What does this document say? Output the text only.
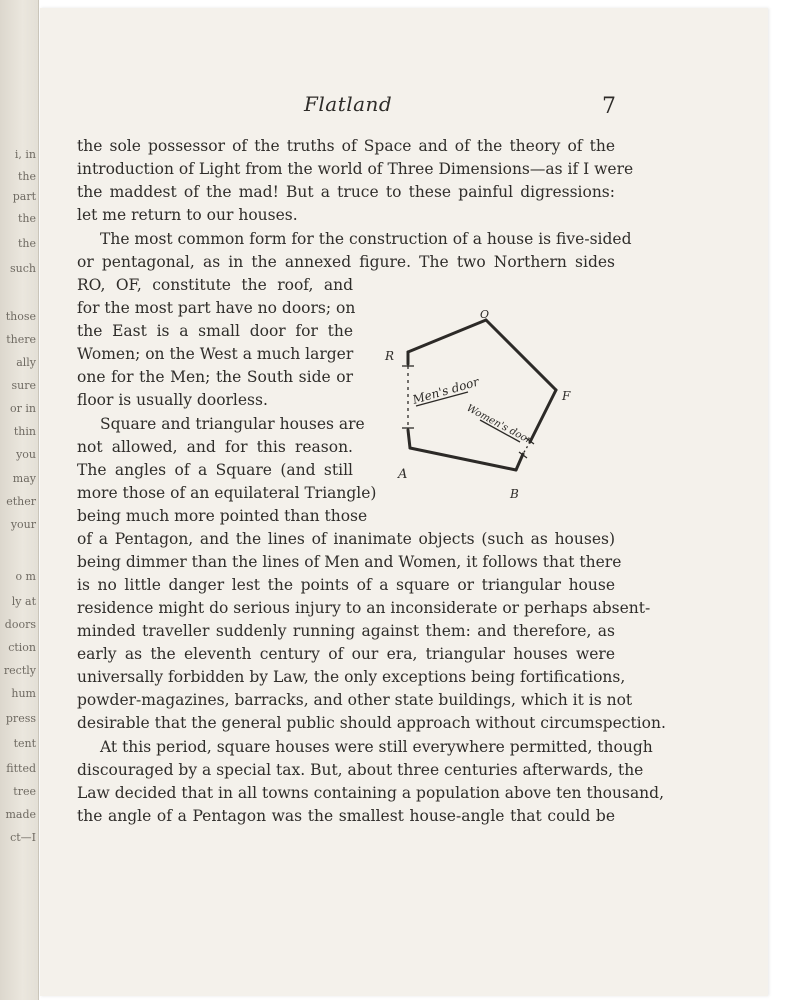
i, in
the
part
the
the
such
those
there
ally
sure
or in
thin
you
may
ether
your
o m
ly at
doors
ction
rectly
hum
press
tent
fitted
tree
made
ct—I
Flatland	7
the sole possessor of the truths of Space and of the theory of the
introduction of Light from the world of Three Dimensions—as if I were
the maddest of the mad! But a truce to these painful digressions:
let me return to our houses.
The most common form for the construction of a house is five-sided
or pentagonal, as in the annexed figure. The two Northern sides
RO, OF, constitute the roof, and
for the most part have no doors; on
the East is a small door for the
Women; on the West a much larger
one for the Men; the South side or
floor is usually doorless.
Square and triangular houses are
not allowed, and for this reason.
The angles of a Square (and still
more those of an equilateral Triangle)
being much more pointed than those
of a Pentagon, and the lines of inanimate objects (such as houses)
being dimmer than the lines of Men and Women, it follows that there
is no little danger lest the points of a square or triangular house
residence might do serious injury to an inconsiderate or perhaps absent-
minded traveller suddenly running against them: and therefore, as
early as the eleventh century of our era, triangular houses were
universally forbidden by Law, the only exceptions being fortifications,
powder-magazines, barracks, and other state buildings, which it is not
desirable that the general public should approach without circumspection.
At this period, square houses were still everywhere permitted, though
discouraged by a special tax. But, about three centuries afterwards, the
Law decided that in all towns containing a population above ten thousand,
the angle of a Pentagon was the smallest house-angle that could be
O
R
F
A
B
Men's door
Women's door
